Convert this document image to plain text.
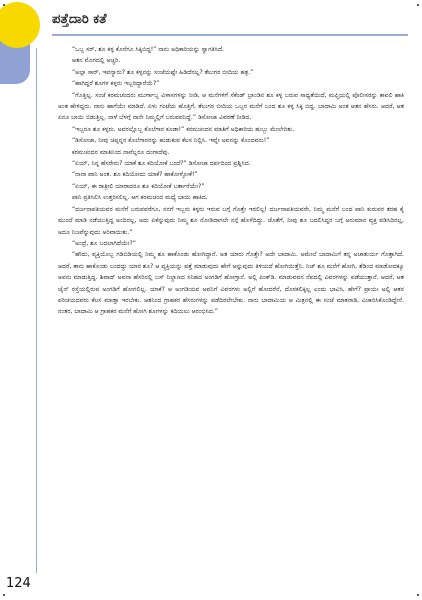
ಪತ್ತೆದಾರಿ ಕತೆ

“ಒಬ್ಬ ಸರ್, ಶೂ ಕಳ್ಳ ಕೊನೆಗೂ ಸಿಕ್ಕಿಬಿದ್ದ!” ನಾನು ಅಧಿಕಾರಿಯನ್ನು ಸ್ವಾಗತಿಸಿದೆ.

ಆತನ ಮೊಗದಲ್ಲಿ ಅಚ್ಚರಿ.

“ಅಲ್ಲಾ ಸಾರ್, ಇವನ್ಯಾರು? ಶೂ ಕಳ್ಳನನ್ನು ಸಂಜೆಯಷ್ಟೇ ಹಿಡಿದೆನಲ್ಲ? ತೆಲುಗರ ಬೀದಿಯ ಹತ್ರ.”

“ಹಾಗಿದ್ದರೆ ಶೂಗಳ ಕಳ್ಳರು ಇಬ್ಬರಿದ್ದಾರೆಯೆ?”

“ಗೊತ್ತಿಲ್ಲ. ಸಂಜೆ ಕರಮಚಂದರು ಮುರ್ಗಾಬ್ಬ ವಿಳಾಸಗಳನ್ನು ನೀಡಿ, ಆ ಮನೆಗಳಿಗೆ ಸೆಕೆಂಡ್ ಬ್ರಾಂಡಿನ ಶೂ ಕಳ್ಳ ಬರುವ ಸಾಧ್ಯತೆಯಿದೆ, ಮಫ್ತಿಯಲ್ಲಿ ಪೊಲೀಸರನ್ನು ಕಾವಲಿ ಹಾಕಿ ಅಂತ ಹೇಳಿದ್ದರು. ನಾನು ಹಾಗೆಯೇ ಮಾಡಿದೆ. ಏಳು ಗಂಟೆಯ ಹೊತ್ತಿಗೆ, ತೆಲುಗರ ಬೀದಿಯ ಒಬ್ಬರ ಮನೆಗೆ ಬಂದ ಶೂ ಕಳ್ಳ ಸಿಕ್ಕಿ ಬಿದ್ದ. ಬಾದಾಮಿ ಅಂತ ಆತನ ಹೆಸರು. ಆದರೆ, ಆತ ಏನೂ ಬಾಯಿ ಬಿಡುತ್ತಿಲ್ಲ. ನಾಳೆ ಬೆಳಗ್ಗೆ ನಾನೇ ನಿಮ್ಮಲ್ಲಿಗೆ ಬರುವವನಿದ್ದೆ.” ಡಿಸೋಜಾ ವಿವರಣೆ ನೀಡಿದ.

“ಇಬ್ಬರೂ ಶೂ ಕಳ್ಳರು. ಅವರಲ್ಲೊಬ್ಬ ಕೊಲೆಗಾರ ಕೂಡಾ!” ಕರಮಚಂದನ ಮಾತಿಗೆ ಅಧಿಕಾರಿಯ ಹುಬ್ಬು ಮೇಲೇರಿತು.

“ಡಿಸೋಜಾ, ನೀವು ಚಿಪ್ಪನ್ನನ ಕೊಲೆಗಾರನನ್ನು ಹುಡುಕುವ ಕೆಲಸ ನಿಲ್ಲಿಸಿ. ಇವ್ನೇ ಅವನನ್ನು ಕೊಂದವನು!”

ಕರಮಚಂದನ ಮಾತಿನಿಂದ ನಾವೆಲ್ಲರೂ ದಂಗಾದೆವು.

“ಏಯ್, ನಿನ್ನ ಹೆಸರೇನು? ಯಾಕೆ ಶೂ ಕದಿಯೋಕೆ ಬಂದೆ?” ಡಿಸೋಜಾ ದರ್ಪದಿಂದ ಪ್ರಶ್ನಿಸಿದ.

“ನಾನಾ ಪಾನಿ ಅಂತ. ಶೂ ಕದಿಯೋದು ಯಾಕೆ? ಹಾಕೋಳ್ಳೋಕೆ!”

“ಏಯ್, ಈ ರಾತ್ರೀಲಿ ಯಾರಾದರೂ ಶೂ ಕದಿಯೋಕೆ ಬರ್ತಾರೆಯೇ?”

ಪಾನಿ ಪ್ರತಿಸಿಲಿಸಿ ಉತ್ತರಿಸಲಿಲ್ಲ. ಆಗ ಕರಮಚಂದ ಮಧ್ಯೆ ಬಾಯಿ ಹಾಕಿದ.

“ದರ್ಜನಾಪತಿಯವರ ಮನೆಗೆ ಬರುವವರೆಗೂ, ನನಗೆ ಇಬ್ಬರು ಕಳ್ಳರು ಇರುವ ಬಗ್ಗೆ ಗೊತ್ತೇ ಇರಲಿಲ್ಲ! ದರ್ಜನಾಪತಿಯವರೇ, ನಿಮ್ಮ ಮನೆಗೆ ಬಂದ ಪಾನಿ ಕುರುವರ ತರಹ ಕೈ ಮುಂದೆ ಮಾಡಿ ನಡೆಯುತ್ತಿದ್ದ ಅಂದಿರಲ್ಲ, ಅದು ಏಕೆನ್ನುವುದು ನಿಮ್ಮ ಶೂ ನೋಡಿದಾಗಲೇ ನನ್ಗೆ ಹೊಳೆದಿದ್ದು. ಜೊತೆಗೆ, ನೀವು ಶೂ ಬದಲಿಸಿದ್ದರ ಬಗ್ಗೆ ಅನುಮಾನ ವ್ಯಕ್ತ ಪಡಿಸಿದಿರಲ್ಲ, ಅದೂ ನಿಜವೆನ್ನುವುದು ಅರಿವಾಯಿತು.”

“ಅಂದ್ರೆ, ಶೂ ಬದಲಾಗಿದೆಯೇ?”

“ಹೌದು, ವ್ಯಕ್ತಿಯೊಬ್ಬ ಗಡಿಬಿಡಿಯಲ್ಲಿ ನಿಮ್ಮ ಶೂ ಹಾಕೊಂಡು ಹೋಗಿದ್ದಾನೆ. ಅತ ಯಾರು ಗೊತ್ತೇ? ಅದೇ ಬಾದಾಮಿ. ಅಮೇಲೆ ಬಾದಾಮಿಗೆ ತನ್ನ ಅಚಾತುರ್ಯ ಗೊತ್ತಾಗಿದೆ. ಆದರೆ, ತಾನು ಹಾಕೊಂಡು ಬಂದದ್ದು ಯಾರ ಶೂ? ಆ ವ್ಯಕ್ತಿಯನ್ನು ಪತ್ತೆ ಮಾಡುವುದು ಹೇಗೆ ಅನ್ನುವುದು ತಿಳಿಯದೆ ಹೋಗಿಯಿತ್ತೆನಿ. ನಿಜ್ ಶೂ ಮನೆಗೆ ಹೋಗಿ, ಶೆಡಿಂದ ಮಾಡೋದಕ್ಕೂ ಅವನು ಮಾಡುತ್ತಿದ್ದ. ಶಿವಾದ್‌ ಅವನಾ ಹೆಸರಿನಲ್ಲಿ ಬಸ್ ನಿಲ್ದಾಣದ ಸನಿಹದ ಅಂಗಡಿಗೆ ಹೋಗ್ತಾನೆ. ಅಲ್ಲಿ ಪಿಂಕ್‌ಡಿ. ಮಾಡುವವನ ನೆಪದಲ್ಲಿ ವಿವರಗಳನ್ನು ಪಡೆಯುತ್ತಾನೆ. ಆದರೆ, ಆತ ಜೈನ್ ರಸ್ತೆಯಲ್ಲಿರುವ ಅಂಗಡಿಗೆ ಹೋಗಲಿಲ್ಲ. ಯಾಕೆ? ಆ ಅಂಗಡಿಯವ ಅವನಿಗೆ ವಿವರಗಳು ಅಲ್ಲಿಗೆ ಹೋದರೆನೆ, ದೊರಕಲಿಕ್ಕಿಲ್ಲ ಎಂದು ಭಾವಿಸಿ, ಹೇಗೆ? ಪ್ರಾಯಃ ಅಲ್ಲಿ ಆತನ ಪರಿಚಯದವರು ಕೆಲಸ ಮಾಡ್ತಾ ಇರಬೇಕು. ಆತನಿಂದ ಗ್ರಾಹಕರ ಹೆಸರುಗಳನ್ನು ಪಡೆದಿರಲೇಬೇಕು. ನಾನು ಬಾದಾಮಿಯ ಆ ಮಿತ್ರನಲ್ಲಿ ಈ ಸಂಜೆ ಮಾತನಾಡಿ, ವಿಚಾರಿಸಿಕೊಂಡಿದ್ದೇನೆ. ನಂತರ, ಬಾದಾಮಿ ಆ ಗ್ರಾಹಕರ ಮನೆಗೆ ಹೋಗಿ ಶೂಗಳನ್ನು ಕದಿಯಲು ಆರಂಭಿಸಿದ.”

124
